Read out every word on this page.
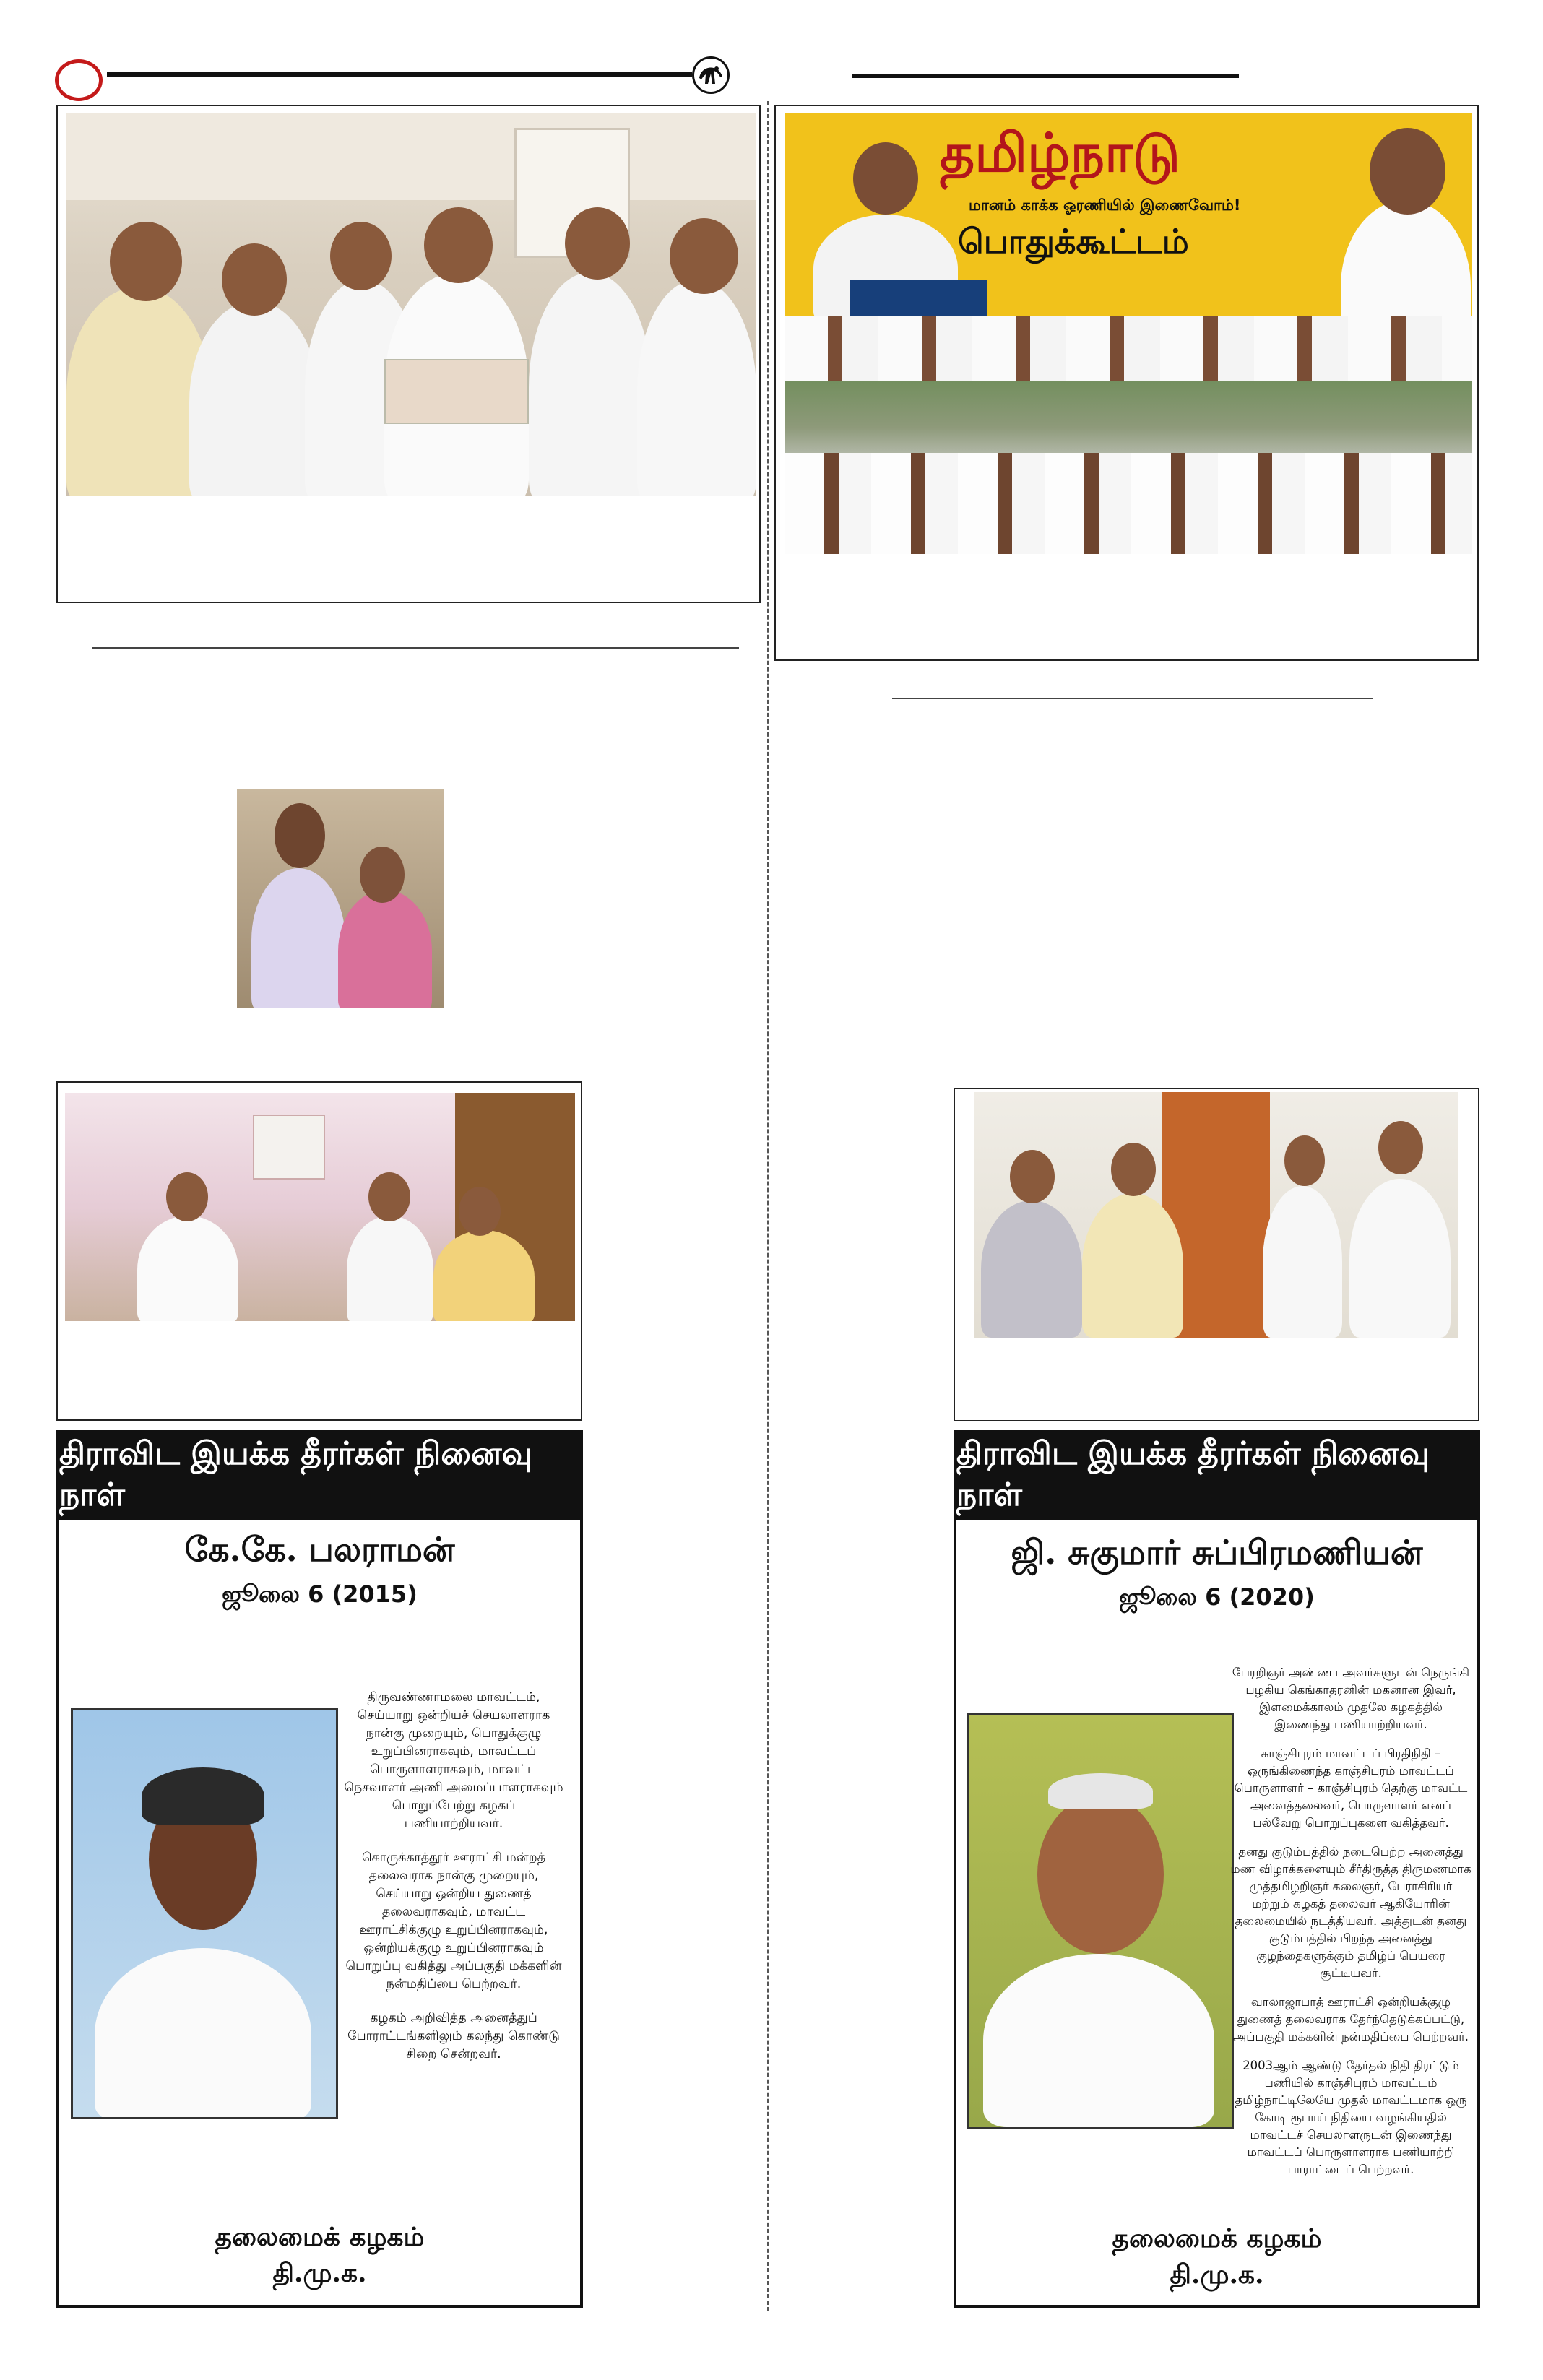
தமிழ்நாடு
மானம் காக்க ஓரணியில் இணைவோம்!
பொதுக்கூட்டம்
திராவிட இயக்க தீரர்கள் நினைவு நாள்
கே.கே. பலராமன்
ஜூலை 6 (2015)

திருவண்ணாமலை மாவட்டம், செய்யாறு ஒன்றியச் செயலாளராக நான்கு முறையும், பொதுக்குழு உறுப்பினராகவும், மாவட்டப் பொருளாளராகவும், மாவட்ட நெசவாளர் அணி அமைப்பாளராகவும் பொறுப்பேற்று கழகப் பணியாற்றியவர்.

கொருக்காத்தூர் ஊராட்சி மன்றத் தலைவராக நான்கு முறையும், செய்யாறு ஒன்றிய துணைத் தலைவராகவும், மாவட்ட ஊராட்சிக்குழு உறுப்பினராகவும், ஒன்றியக்குழு உறுப்பினராகவும் பொறுப்பு வகித்து அப்பகுதி மக்களின் நன்மதிப்பை பெற்றவர்.

கழகம் அறிவித்த அனைத்துப் போராட்டங்களிலும் கலந்து கொண்டு சிறை சென்றவர்.

தலைமைக் கழகம்
தி.மு.க.
திராவிட இயக்க தீரர்கள் நினைவு நாள்
ஜி. சுகுமார் சுப்பிரமணியன்
ஜூலை 6 (2020)

பேரறிஞர் அண்ணா அவர்களுடன் நெருங்கி பழகிய கெங்காதரனின் மகனான இவர், இளமைக்காலம் முதலே கழகத்தில் இணைந்து பணியாற்றியவர்.

காஞ்சிபுரம் மாவட்டப் பிரதிநிதி – ஒருங்கிணைந்த காஞ்சிபுரம் மாவட்டப் பொருளாளர் – காஞ்சிபுரம் தெற்கு மாவட்ட அவைத்தலைவர், பொருளாளர் எனப் பல்வேறு பொறுப்புகளை வகித்தவர்.

தனது குடும்பத்தில் நடைபெற்ற அனைத்து மண விழாக்களையும் சீர்திருத்த திருமணமாக முத்தமிழறிஞர் கலைஞர், பேராசிரியர் மற்றும் கழகத் தலைவர் ஆகியோரின் தலைமையில் நடத்தியவர். அத்துடன் தனது குடும்பத்தில் பிறந்த அனைத்து குழந்தைகளுக்கும் தமிழ்ப் பெயரை சூட்டியவர்.

வாலாஜாபாத் ஊராட்சி ஒன்றியக்குழு துணைத் தலைவராக தேர்ந்தெடுக்கப்பட்டு, அப்பகுதி மக்களின் நன்மதிப்பை பெற்றவர்.

2003ஆம் ஆண்டு தேர்தல் நிதி திரட்டும் பணியில் காஞ்சிபுரம் மாவட்டம் தமிழ்நாட்டிலேயே முதல் மாவட்டமாக ஒரு கோடி ரூபாய் நிதியை வழங்கியதில் மாவட்டச் செயலாளருடன் இணைந்து மாவட்டப் பொருளாளராக பணியாற்றி பாராட்டைப் பெற்றவர்.

தலைமைக் கழகம்
தி.மு.க.
